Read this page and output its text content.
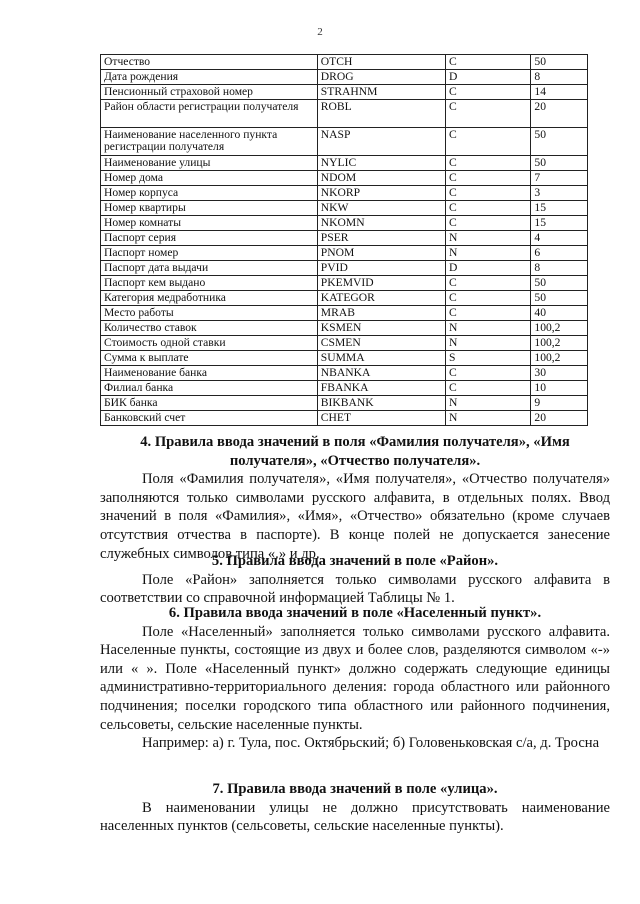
2
Отчество	OTCH	C	50
Дата рождения	DROG	D	8
Пенсионный страховой номер	STRAHNM	C	14
Район области регистрации получателя	ROBL	C	20
Наименование населенного пункта регистрации получателя	NASP	C	50
Наименование улицы	NYLIC	C	50
Номер дома	NDOM	C	7
Номер корпуса	NKORP	C	3
Номер квартиры	NKW	C	15
Номер комнаты	NKOMN	C	15
Паспорт серия	PSER	N	4
Паспорт номер	PNOM	N	6
Паспорт дата выдачи	PVID	D	8
Паспорт кем выдано	PKEMVID	C	50
Категория медработника	KATEGOR	C	50
Место работы	MRAB	C	40
Количество ставок	KSMEN	N	100,2
Стоимость одной ставки	CSMEN	N	100,2
Сумма к выплате	SUMMA	S	100,2
Наименование банка	NBANKA	C	30
Филиал банка	FBANKA	C	10
БИК банка	BIKBANK	N	9
Банковский счет	CHET	N	20
4. Правила ввода значений в поля «Фамилия получателя», «Имя получателя», «Отчество получателя».

Поля «Фамилия получателя», «Имя получателя», «Отчество получателя» заполняются только символами русского алфавита, в отдельных полях. Ввод значений в поля «Фамилия», «Имя», «Отчество» обязательно (кроме случаев отсутствия отчества в паспорте). В конце полей не допускается занесение служебных символов типа «.» и др.

5. Правила ввода значений в поле «Район».

Поле «Район» заполняется только символами русского алфавита в соответствии со справочной информацией Таблицы № 1.

6. Правила ввода значений в поле «Населенный пункт».

Поле «Населенный» заполняется только символами русского алфавита. Населенные пункты, состоящие из двух и более слов, разделяются символом «-» или « ». Поле «Населенный пункт» должно содержать следующие единицы административно-территориального деления: города областного или районного подчинения; поселки городского типа областного или районного подчинения, сельсоветы, сельские населенные пункты.

Например: а) г. Тула, пос. Октябрьский; б) Головеньковская с/а, д. Тросна

7. Правила ввода значений в поле «улица».

В наименовании улицы не должно присутствовать наименование населенных пунктов (сельсоветы, сельские населенные пункты).
